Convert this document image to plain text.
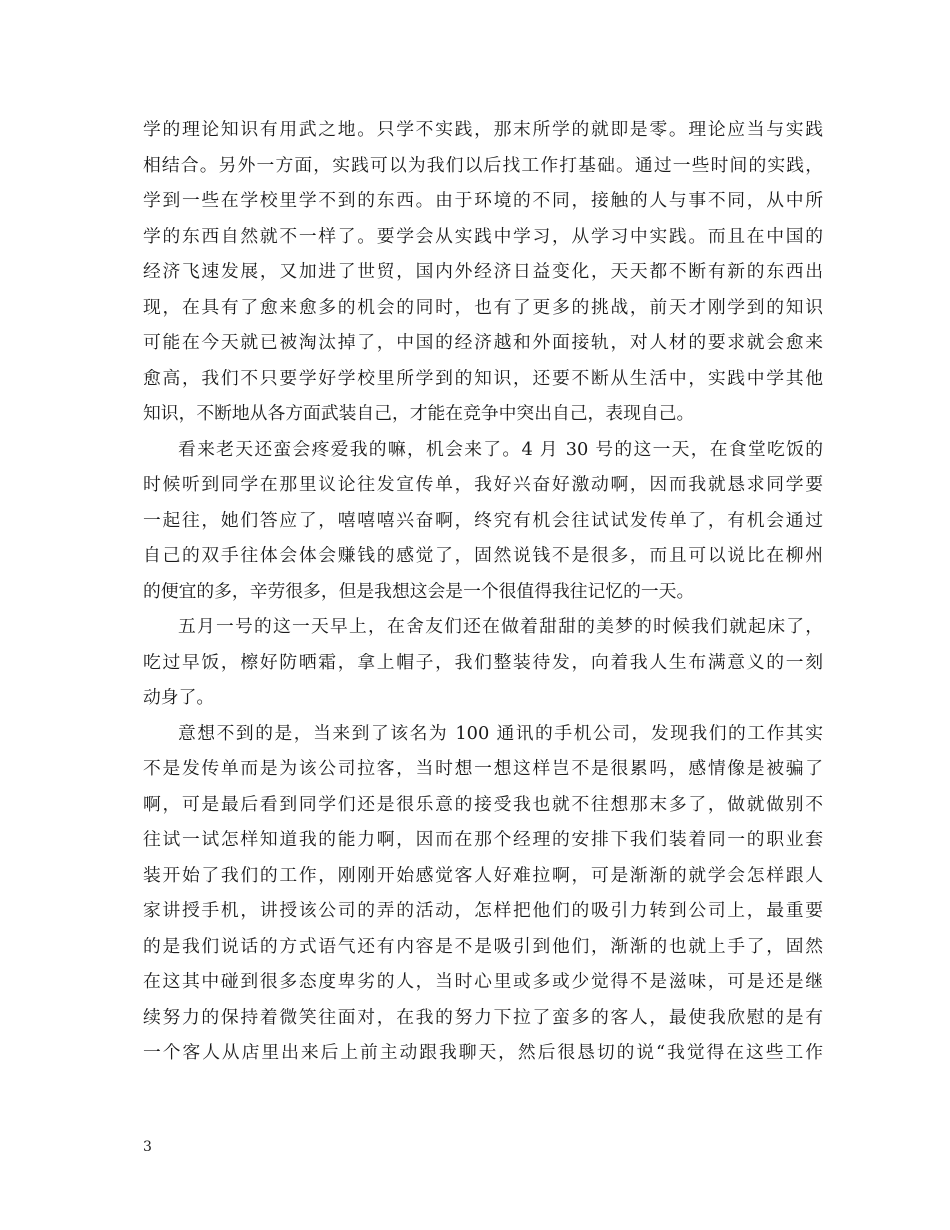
学的理论知识有用武之地。只学不实践，那末所学的就即是零。理论应当与实践
相结合。另外一方面，实践可以为我们以后找工作打基础。通过一些时间的实践，
学到一些在学校里学不到的东西。由于环境的不同，接触的人与事不同，从中所
学的东西自然就不一样了。要学会从实践中学习，从学习中实践。而且在中国的
经济飞速发展，又加进了世贸，国内外经济日益变化，天天都不断有新的东西出
现，在具有了愈来愈多的机会的同时，也有了更多的挑战，前天才刚学到的知识
可能在今天就已被淘汰掉了，中国的经济越和外面接轨，对人材的要求就会愈来
愈高，我们不只要学好学校里所学到的知识，还要不断从生活中，实践中学其他
知识，不断地从各方面武装自己，才能在竞争中突出自己，表现自己。
看来老天还蛮会疼爱我的嘛，机会来了。4 月 30 号的这一天，在食堂吃饭的
时候听到同学在那里议论往发宣传单，我好兴奋好激动啊，因而我就恳求同学要
一起往，她们答应了，嘻嘻嘻兴奋啊，终究有机会往试试发传单了，有机会通过
自己的双手往体会体会赚钱的感觉了，固然说钱不是很多，而且可以说比在柳州
的便宜的多，辛劳很多，但是我想这会是一个很值得我往记忆的一天。
五月一号的这一天早上，在舍友们还在做着甜甜的美梦的时候我们就起床了，
吃过早饭，檫好防晒霜，拿上帽子，我们整装待发，向着我人生布满意义的一刻
动身了。
意想不到的是，当来到了该名为 100 通讯的手机公司，发现我们的工作其实
不是发传单而是为该公司拉客，当时想一想这样岂不是很累吗，感情像是被骗了
啊，可是最后看到同学们还是很乐意的接受我也就不往想那末多了，做就做别不
往试一试怎样知道我的能力啊，因而在那个经理的安排下我们装着同一的职业套
装开始了我们的工作，刚刚开始感觉客人好难拉啊，可是渐渐的就学会怎样跟人
家讲授手机，讲授该公司的弄的活动，怎样把他们的吸引力转到公司上，最重要
的是我们说话的方式语气还有内容是不是吸引到他们，渐渐的也就上手了，固然
在这其中碰到很多态度卑劣的人，当时心里或多或少觉得不是滋味，可是还是继
续努力的保持着微笑往面对，在我的努力下拉了蛮多的客人，最使我欣慰的是有
一个客人从店里出来后上前主动跟我聊天，然后很恳切的说“我觉得在这些工作
3
